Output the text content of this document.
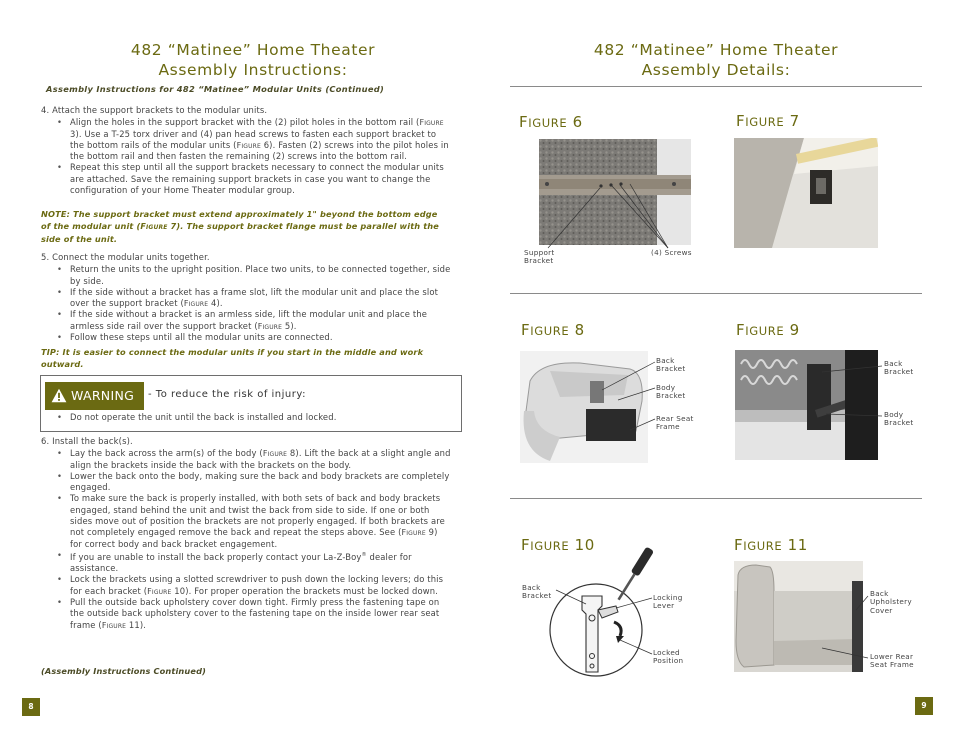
482 “Matinee” Home Theater
Assembly Instructions:
Assembly Instructions for 482 “Matinee” Modular Units (Continued)

4. Attach the support brackets to the modular units.

• Align the holes in the support bracket with the (2) pilot holes in the bottom rail (Figure 3). Use a T-25 torx driver and (4) pan head screws to fasten each support bracket to the bottom rails of the modular units (Figure 6). Fasten (2) screws into the pilot holes in the bottom rail and then fasten the remaining (2) screws into the bottom rail.
• Repeat this step until all the support brackets necessary to connect the modular units are attached. Save the remaining support brackets in case you want to change the configuration of your Home Theater modular group.
NOTE: The support bracket must extend approximately 1" beyond the bottom edge of the modular unit (Figure 7). The support bracket flange must be parallel with the side of the unit.

5. Connect the modular units together.

• Return the units to the upright position. Place two units, to be connected together, side by side.
• If the side without a bracket has a frame slot, lift the modular unit and place the slot over the support bracket (Figure 4).
• If the side without a bracket is an armless side, lift the modular unit and place the armless side rail over the support bracket (Figure 5).
• Follow these steps until all the modular units are connected.
TIP: It is easier to connect the modular units if you start in the middle and work outward.
WARNING	- To reduce the risk of injury:
• Do not operate the unit until the back is installed and locked.

6. Install the back(s).

• Lay the back across the arm(s) of the body (Figure 8). Lift the back at a slight angle and align the brackets inside the back with the brackets on the body.
• Lower the back onto the body, making sure the back and body brackets are completely engaged.
• To make sure the back is properly installed, with both sets of back and body brackets engaged, stand behind the unit and twist the back from side to side. If one or both sides move out of position the brackets are not properly engaged. If both brackets are not completely engaged remove the back and repeat the steps above. See (Figure 9) for correct body and back bracket engagement.
• If you are unable to install the back properly contact your La-Z-Boy® dealer for assistance.
• Lock the brackets using a slotted screwdriver to push down the locking levers; do this for each bracket (Figure 10). For proper operation the brackets must be locked down.
• Pull the outside back upholstery cover down tight. Firmly press the fastening tape on the outside back upholstery cover to the fastening tape on the inside lower rear seat frame (Figure 11).
(Assembly Instructions Continued)
8
482 “Matinee” Home Theater
Assembly Details:
FIGURE 6
Support
Bracket
(4) Screws
FIGURE 7
FIGURE 8
Back
Bracket
Body
Bracket
Rear Seat
Frame
FIGURE 9
Back
Bracket
Body
Bracket
FIGURE 10
Back
Bracket	Locking
Lever
Locked
Position
FIGURE 11
Back
Upholstery
Cover
Lower Rear
Seat Frame
9
